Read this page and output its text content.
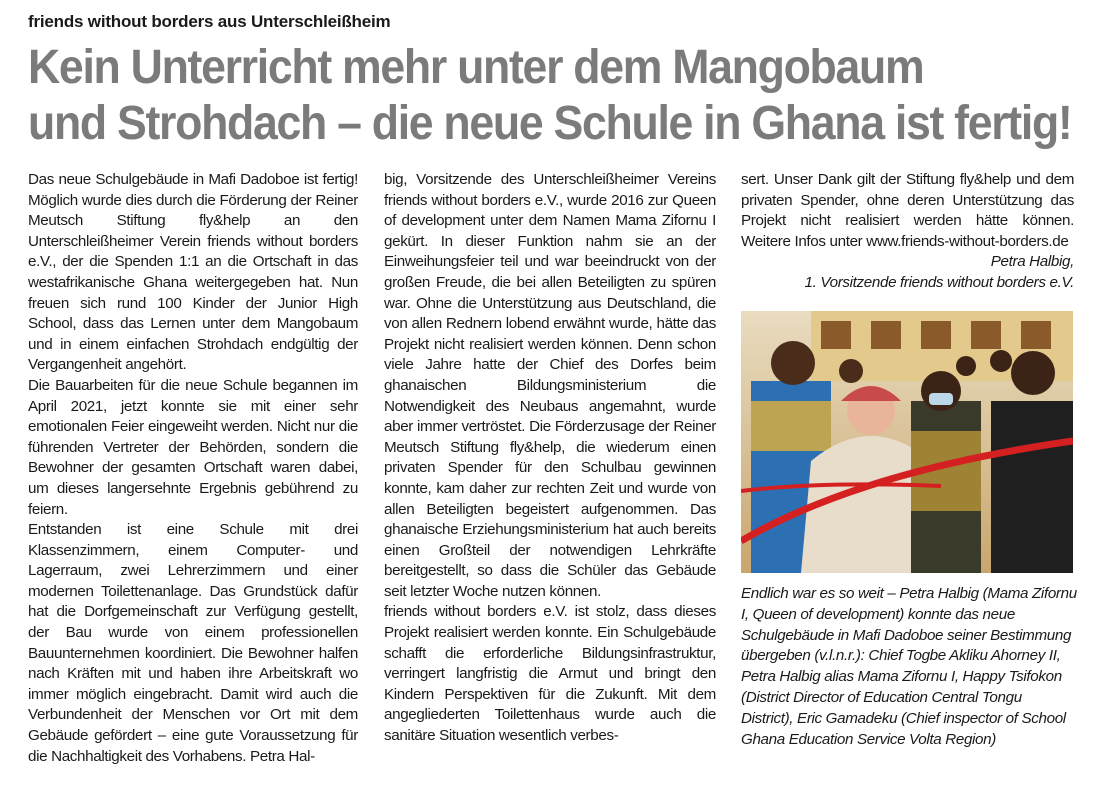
friends without borders aus Unterschleißheim
Kein Unterricht mehr unter dem Mangobaum
und Strohdach – die neue Schule in Ghana ist fertig!

Das neue Schulgebäude in Mafi Dadoboe ist fertig! Möglich wurde dies durch die Förderung der Reiner Meutsch Stiftung fly&help an den Unterschleißheimer Verein friends without borders e.V., der die Spenden 1:1 an die Ortschaft in das westafrikanische Ghana weitergegeben hat. Nun freuen sich rund 100 Kinder der Junior High School, dass das Lernen unter dem Mangobaum und in einem einfachen Strohdach endgültig der Vergangenheit angehört.

Die Bauarbeiten für die neue Schule begannen im April 2021, jetzt konnte sie mit einer sehr emotionalen Feier eingeweiht werden. Nicht nur die führenden Vertreter der Behörden, sondern die Bewohner der gesamten Ortschaft waren dabei, um dieses langersehnte Ergebnis gebührend zu feiern.

Entstanden ist eine Schule mit drei Klassenzimmern, einem Computer- und Lagerraum, zwei Lehrerzimmern und einer modernen Toilettenanlage. Das Grundstück dafür hat die Dorfgemeinschaft zur Verfügung gestellt, der Bau wurde von einem professionellen Bauunternehmen koordiniert. Die Bewohner halfen nach Kräften mit und haben ihre Arbeitskraft wo immer möglich eingebracht. Damit wird auch die Verbundenheit der Menschen vor Ort mit dem Gebäude gefördert – eine gute Voraussetzung für die Nachhaltigkeit des Vorhabens. Petra Hal-

big, Vorsitzende des Unterschleißheimer Vereins friends without borders e.V., wurde 2016 zur Queen of development unter dem Namen Mama Zifornu I gekürt. In dieser Funktion nahm sie an der Einweihungsfeier teil und war beeindruckt von der großen Freude, die bei allen Beteiligten zu spüren war. Ohne die Unterstützung aus Deutschland, die von allen Rednern lobend erwähnt wurde, hätte das Projekt nicht realisiert werden können. Denn schon viele Jahre hatte der Chief des Dorfes beim ghanaischen Bildungsministerium die Notwendigkeit des Neubaus angemahnt, wurde aber immer vertröstet. Die Förderzusage der Reiner Meutsch Stiftung fly&help, die wiederum einen privaten Spender für den Schulbau gewinnen konnte, kam daher zur rechten Zeit und wurde von allen Beteiligten begeistert aufgenommen. Das ghanaische Erziehungsministerium hat auch bereits einen Großteil der notwendigen Lehrkräfte bereitgestellt, so dass die Schüler das Gebäude seit letzter Woche nutzen können.

friends without borders e.V. ist stolz, dass dieses Projekt realisiert werden konnte. Ein Schulgebäude schafft die erforderliche Bildungsinfrastruktur, verringert langfristig die Armut und bringt den Kindern Perspektiven für die Zukunft. Mit dem angegliederten Toilettenhaus wurde auch die sanitäre Situation wesentlich verbes-

sert. Unser Dank gilt der Stiftung fly&help und dem privaten Spender, ohne deren Unterstützung das Projekt nicht realisiert werden hätte können. Weitere Infos unter www.friends-without-borders.de

Petra Halbig,

1. Vorsitzende friends without borders e.V.

Endlich war es so weit – Petra Halbig (Mama Zifornu I, Queen of development) konnte das neue Schulgebäude in Mafi Dadoboe seiner Bestimmung übergeben (v.l.n.r.): Chief Togbe Akliku Ahorney II, Petra Halbig alias Mama Zifornu I, Happy Tsifokon (District Director of Education Central Tongu District), Eric Gamadeku (Chief inspector of School Ghana Education Service Volta Region)
